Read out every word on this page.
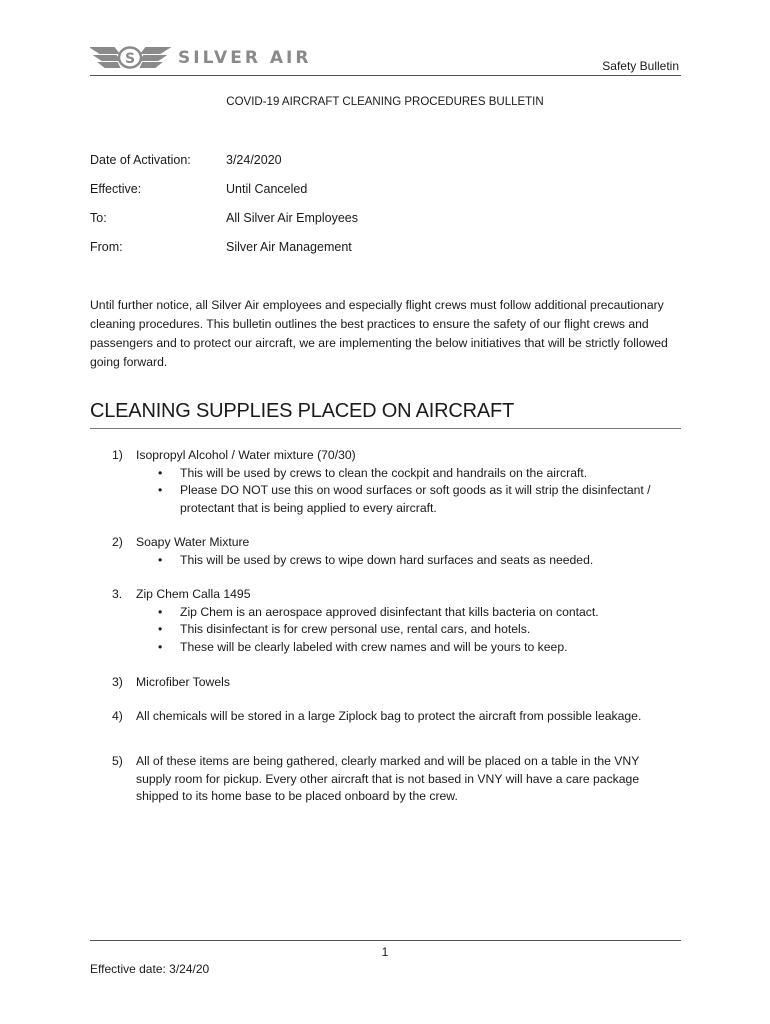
S	SILVER AIR	Safety Bulletin
COVID-19 AIRCRAFT CLEANING PROCEDURES BULLETIN
Date of Activation:	3/24/2020
Effective:	Until Canceled
To:	All Silver Air Employees
From:	Silver Air Management
Until further notice, all Silver Air employees and especially flight crews must follow additional precautionary cleaning procedures. This bulletin outlines the best practices to ensure the safety of our flight crews and passengers and to protect our aircraft, we are implementing the below initiatives that will be strictly followed going forward.
CLEANING SUPPLIES PLACED ON AIRCRAFT
1) Isopropyl Alcohol / Water mixture (70/30)
• This will be used by crews to clean the cockpit and handrails on the aircraft.
• Please DO NOT use this on wood surfaces or soft goods as it will strip the disinfectant / protectant that is being applied to every aircraft.
2) Soapy Water Mixture
• This will be used by crews to wipe down hard surfaces and seats as needed.
3. Zip Chem Calla 1495
• Zip Chem is an aerospace approved disinfectant that kills bacteria on contact.
• This disinfectant is for crew personal use, rental cars, and hotels.
• These will be clearly labeled with crew names and will be yours to keep.
3) Microfiber Towels
4) All chemicals will be stored in a large Ziplock bag to protect the aircraft from possible leakage.
5)	All of these items are being gathered, clearly marked and will be placed on a table in the VNY supply room for pickup. Every other aircraft that is not based in VNY will have a care package shipped to its home base to be placed onboard by the crew.
1
Effective date: 3/24/20
